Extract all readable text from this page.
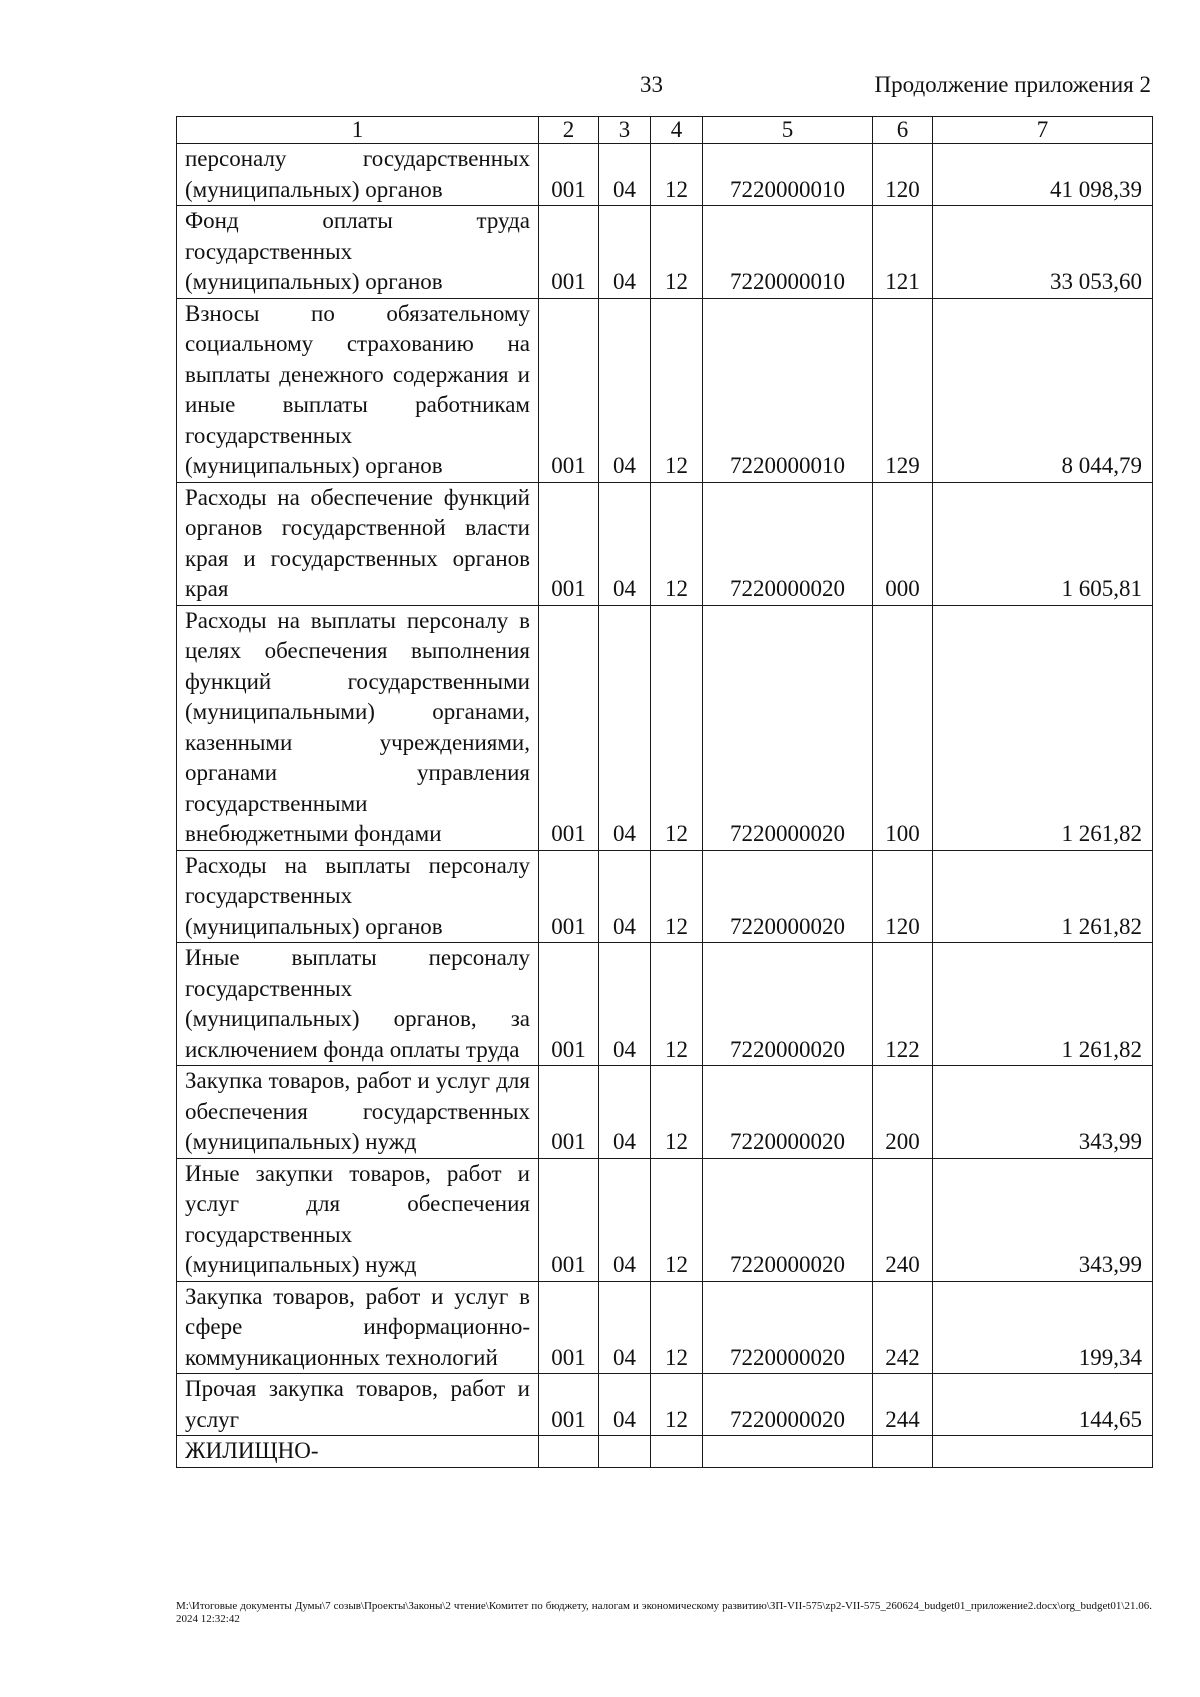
33	Продолжение приложения 2
1	2	3	4	5	6	7
персоналу государственных (муниципальных) органов	001	04	12	7220000010	120	41 098,39
Фонд оплаты труда государственных (муниципальных) органов	001	04	12	7220000010	121	33 053,60
Взносы по обязательному социальному страхованию на выплаты денежного содержания и иные выплаты работникам государственных (муниципальных) органов	001	04	12	7220000010	129	8 044,79
Расходы на обеспечение функций органов государственной власти края и государственных органов края	001	04	12	7220000020	000	1 605,81
Расходы на выплаты персоналу в целях обеспечения выполнения функций государственными (муниципальными) органами, казенными учреждениями, органами управления государственными внебюджетными фондами	001	04	12	7220000020	100	1 261,82
Расходы на выплаты персоналу государственных (муниципальных) органов	001	04	12	7220000020	120	1 261,82
Иные выплаты персоналу государственных (муниципальных) органов, за исключением фонда оплаты труда	001	04	12	7220000020	122	1 261,82
Закупка товаров, работ и услуг для обеспечения государственных (муниципальных) нужд	001	04	12	7220000020	200	343,99
Иные закупки товаров, работ и услуг для обеспечения государственных (муниципальных) нужд	001	04	12	7220000020	240	343,99
Закупка товаров, работ и услуг в сфере информационно-коммуникационных технологий	001	04	12	7220000020	242	199,34
Прочая закупка товаров, работ и услуг	001	04	12	7220000020	244	144,65
ЖИЛИЩНО-						
M:\Итоговые документы Думы\7 созыв\Проекты\Законы\2 чтение\Комитет по бюджету, налогам и экономическому развитию\ЗП-VII-575\zp2-VII-575_260624_budget01_приложение2.docx\org_budget01\21.06.2024 12:32:42
